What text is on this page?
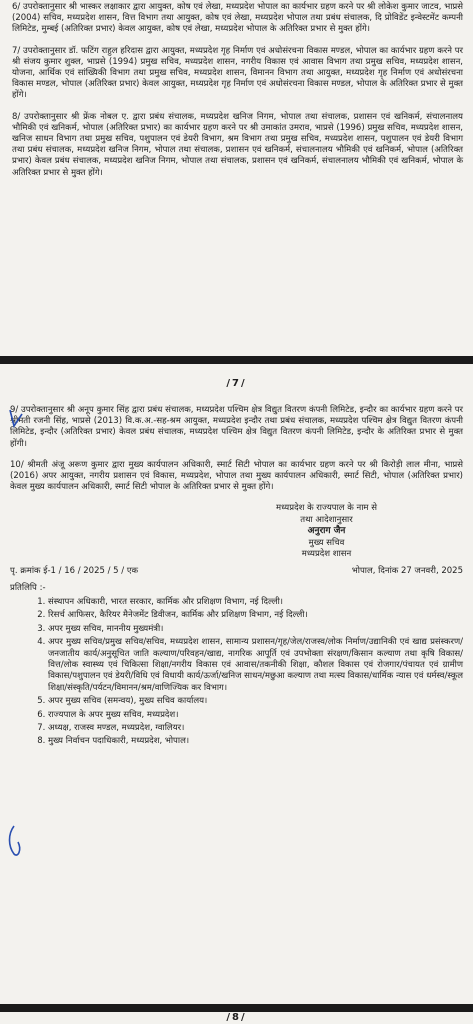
6/ उपरोक्तानुसार श्री भास्कर लक्षाकार द्वारा आयुक्त, कोष एवं लेखा, मध्यप्रदेश भोपाल का कार्यभार ग्रहण करने पर श्री लोकेश कुमार जाटव, भाप्रसे (2004) सचिव, मध्यप्रदेश शासन, वित्त विभाग तथा आयुक्त, कोष एवं लेखा, मध्यप्रदेश भोपाल तथा प्रबंध संचालक, दि प्रोविडेंट इन्वेस्टमेंट कम्पनी लिमिटेड, मुम्बई (अतिरिक्त प्रभार) केवल आयुक्त, कोष एवं लेखा, मध्यप्रदेश भोपाल के अतिरिक्त प्रभार से मुक्त होंगे।

7/ उपरोक्तानुसार डॉ. फटिंग राहुल हरिदास द्वारा आयुक्त, मध्यप्रदेश गृह निर्माण एवं अधोसंरचना विकास मण्डल, भोपाल का कार्यभार ग्रहण करने पर श्री संजय कुमार शुक्ल, भाप्रसे (1994) प्रमुख सचिव, मध्यप्रदेश शासन, नगरीय विकास एवं आवास विभाग तथा प्रमुख सचिव, मध्यप्रदेश शासन, योजना, आर्थिक एवं सांख्यिकी विभाग तथा प्रमुख सचिव, मध्यप्रदेश शासन, विमानन विभाग तथा आयुक्त, मध्यप्रदेश गृह निर्माण एवं अधोसंरचना विकास मण्डल, भोपाल (अतिरिक्त प्रभार) केवल आयुक्त, मध्यप्रदेश गृह निर्माण एवं अधोसंरचना विकास मण्डल, भोपाल के अतिरिक्त प्रभार से मुक्त होंगे।

8/ उपरोक्तानुसार श्री फ्रेंक नोबल ए. द्वारा प्रबंध संचालक, मध्यप्रदेश खनिज निगम, भोपाल तथा संचालक, प्रशासन एवं खनिकर्म, संचालनालय भौमिकी एवं खनिकर्म, भोपाल (अतिरिक्त प्रभार) का कार्यभार ग्रहण करने पर श्री उमाकांत उमराव, भाप्रसे (1996) प्रमुख सचिव, मध्यप्रदेश शासन, खनिज साधन विभाग तथा प्रमुख सचिव, पशुपालन एवं डेयरी विभाग, श्रम विभाग तथा प्रमुख सचिव, मध्यप्रदेश शासन, पशुपालन एवं डेयरी विभाग तथा प्रबंध संचालक, मध्यप्रदेश खनिज निगम, भोपाल तथा संचालक, प्रशासन एवं खनिकर्म, संचालनालय भौमिकी एवं खनिकर्म, भोपाल (अतिरिक्त प्रभार) केवल प्रबंध संचालक, मध्यप्रदेश खनिज निगम, भोपाल तथा संचालक, प्रशासन एवं खनिकर्म, संचालनालय भौमिकी एवं खनिकर्म, भोपाल के अतिरिक्त प्रभार से मुक्त होंगे।

/7/

9/ उपरोक्तानुसार श्री अनूप कुमार सिंह द्वारा प्रबंध संचालक, मध्यप्रदेश पश्चिम क्षेत्र विद्युत वितरण कंपनी लिमिटेड, इन्दौर का कार्यभार ग्रहण करने पर श्रीमती रजनी सिंह, भाप्रसे (2013) वि.क.अ.-सह-श्रम आयुक्त, मध्यप्रदेश इन्दौर तथा प्रबंध संचालक, मध्यप्रदेश पश्चिम क्षेत्र विद्युत वितरण कंपनी लिमिटेड, इन्दौर (अतिरिक्त प्रभार) केवल प्रबंध संचालक, मध्यप्रदेश पश्चिम क्षेत्र विद्युत वितरण कंपनी लिमिटेड, इन्दौर के अतिरिक्त प्रभार से मुक्त होंगी।

10/ श्रीमती अंजू अरूण कुमार द्वारा मुख्य कार्यपालन अधिकारी, स्मार्ट सिटी भोपाल का कार्यभार ग्रहण करने पर श्री किरोड़ी लाल मीना, भाप्रसे (2016) अपर आयुक्त, नगरीय प्रशासन एवं विकास, मध्यप्रदेश, भोपाल तथा मुख्य कार्यपालन अधिकारी, स्मार्ट सिटी, भोपाल (अतिरिक्त प्रभार) केवल मुख्य कार्यपालन अधिकारी, स्मार्ट सिटी भोपाल के अतिरिक्त प्रभार से मुक्त होंगे।

मध्यप्रदेश के राज्यपाल के नाम से
तथा आदेशानुसार
अनुराग जैन
मुख्य सचिव
मध्यप्रदेश शासन
पृ. क्रमांक ई-1 / 16 / 2025 / 5 / एक	भोपाल, दिनांक 27 जनवरी, 2025
प्रतिलिपि :-
1. संस्थापन अधिकारी, भारत सरकार, कार्मिक और प्रशिक्षण विभाग, नई दिल्ली।
2. रिसर्च आफिसर, कैरियर मैनेजमेंट डिवीजन, कार्मिक और प्रशिक्षण विभाग, नई दिल्ली।
3. अपर मुख्य सचिव, माननीय मुख्यमंत्री।
4. अपर मुख्य सचिव/प्रमुख सचिव/सचिव, मध्यप्रदेश शासन, सामान्य प्रशासन/गृह/जेल/राजस्व/लोक निर्माण/उद्यानिकी एवं खाद्य प्रसंस्करण/जनजातीय कार्य/अनुसूचित जाति कल्याण/परिवहन/खाद्य, नागरिक आपूर्ति एवं उपभोक्ता संरक्षण/किसान कल्याण तथा कृषि विकास/वित्त/लोक स्वास्थ्य एवं चिकित्सा शिक्षा/नगरीय विकास एवं आवास/तकनीकी शिक्षा, कौशल विकास एवं रोजगार/पंचायत एवं ग्रामीण विकास/पशुपालन एवं डेयरी/विधि एवं विधायी कार्य/ऊर्जा/खनिज साधन/मछुआ कल्याण तथा मत्स्य विकास/धार्मिक न्यास एवं धर्मस्व/स्कूल शिक्षा/संस्कृति/पर्यटन/विमानन/श्रम/वाणिज्यिक कर विभाग।
5. अपर मुख्य सचिव (समन्वय), मुख्य सचिव कार्यालय।
6. राज्यपाल के अपर मुख्य सचिव, मध्यप्रदेश।
7. अध्यक्ष, राजस्व मण्डल, मध्यप्रदेश, ग्वालियर।
8. मुख्य निर्वाचन पदाधिकारी, मध्यप्रदेश, भोपाल।
/8/
